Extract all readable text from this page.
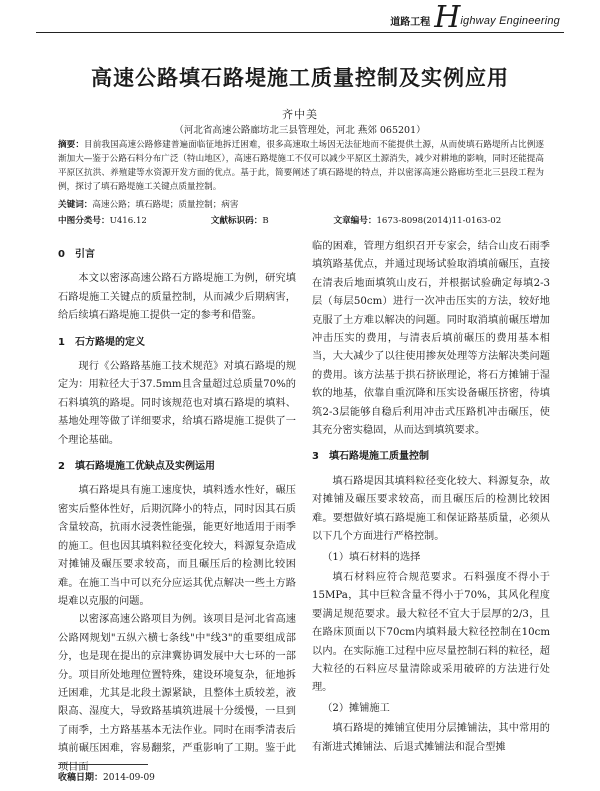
道路工程 H ighway Engineering
高速公路填石路堤施工质量控制及实例应用
齐中美
（河北省高速公路廊坊北三县管理处，河北 燕郊 065201）
摘要：目前我国高速公路修建普遍面临征地拆迁困难，很多高速取土场因无法征地而不能提供土源，从而使填石路堤所占比例逐渐加大—鉴于公路石料分布广泛（特山地区），高速石路堤施工不仅可以减少平原区土源消失，减少对耕地的影响，同时还能提高平原区抗洪、养殖建等水资源开发方面的优点。基于此，简要阐述了填石路堤的特点，并以密涿高速公路廊坊至北三县段工程为例，探讨了填石路堤施工关键点质量控制。
关键词：高速公路；填石路堤；质量控制；病害
中图分类号：U416.12	文献标识码：B	文章编号：1673-8098(2014)11-0163-02
0　引言

本文以密涿高速公路石方路堤施工为例，研究填石路堤施工关键点的质量控制，从而减少后期病害，给后续填石路堤施工提供一定的参考和借鉴。

1　石方路堤的定义

现行《公路路基施工技术规范》对填石路堤的规定为：用粒径大于37.5mm且含量超过总质量70%的石料填筑的路堤。同时该规范也对填石路堤的填料、基地处理等做了详细要求，给填石路堤施工提供了一个理论基础。

2　填石路堤施工优缺点及实例运用

填石路堤具有施工速度快，填料透水性好，碾压密实后整体性好，后期沉降小的特点，同时因其石质含量较高，抗雨水浸袭性能强，能更好地适用于雨季的施工。但也因其填料粒径变化较大，料源复杂造成对摊铺及碾压要求较高，而且碾压后的检测比较困难。在施工当中可以充分应运其优点解决一些土方路堤难以克服的问题。

以密涿高速公路项目为例。该项目是河北省高速公路网规划"五纵六横七条线"中"线3"的重要组成部分，也是现在提出的京津冀协调发展中大七环的一部分。项目所处地理位置特殊，建设环境复杂，征地拆迁困难，尤其是北段土源紧缺，且整体土质较差，液限高、湿度大，导致路基填筑进展十分缓慢，一旦到了雨季，土方路基基本无法作业。同时在雨季清表后填前碾压困难，容易翻浆，严重影响了工期。鉴于此项目面

临的困难，管理方组织召开专家会，结合山皮石雨季填筑路基优点，并通过现场试验取消填前碾压，直接在清表后地面填筑山皮石，并根据试验确定每填2-3层（每层50cm）进行一次冲击压实的方法，较好地克服了土方难以解决的问题。同时取消填前碾压增加冲击压实的费用，与清表后填前碾压的费用基本相当，大大减少了以往使用掺灰处理等方法解决类问题的费用。该方法基于拱石挤嵌理论，将石方摊铺于湿软的地基，依靠自重沉降和压实设备碾压挤密，待填筑2-3层能够自稳后利用冲击式压路机冲击碾压，使其充分密实稳固，从而达到填筑要求。

3　填石路堤施工质量控制

填石路堤因其填料粒径变化较大、料源复杂，故对摊铺及碾压要求较高，而且碾压后的检测比较困难。要想做好填石路堤施工和保证路基质量，必须从以下几个方面进行严格控制。

（1）填石材料的选择

填石材料应符合规范要求。石料强度不得小于15MPa，其中巨粒含量不得小于70%，其风化程度要满足规范要求。最大粒径不宜大于层厚的2/3，且在路床顶面以下70cm内填料最大粒径控制在10cm以内。在实际施工过程中应尽量控制石料的粒径，超大粒径的石料应尽量清除或采用破碎的方法进行处理。

（2）摊铺施工

填石路堤的摊铺宜使用分层摊铺法，其中常用的有渐进式摊铺法、后退式摊铺法和混合型摊

收稿日期：2014-09-09
